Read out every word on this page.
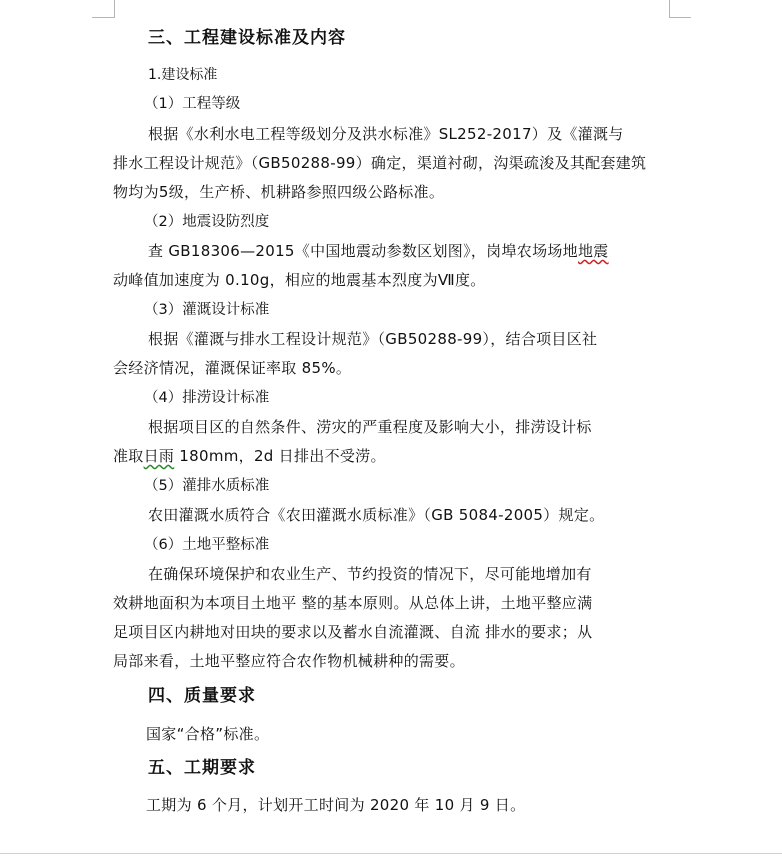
三、工程建设标准及内容
1.建设标准
（1）工程等级
根据《水利水电工程等级划分及洪水标准》SL252-2017）及《灌溉与
排水工程设计规范》（GB50288-99）确定，渠道衬砌，沟渠疏浚及其配套建筑
物均为5级，生产桥、机耕路参照四级公路标准。
（2）地震设防烈度
查 GB18306—2015《中国地震动参数区划图》，岗埠农场场地地震
动峰值加速度为 0.10g，相应的地震基本烈度为Ⅶ度。
（3）灌溉设计标准
根据《灌溉与排水工程设计规范》（GB50288-99），结合项目区社
会经济情况，灌溉保证率取 85%。
（4）排涝设计标准
根据项目区的自然条件、涝灾的严重程度及影响大小，排涝设计标
准取日雨 180mm，2d 日排出不受涝。
（5）灌排水质标准
农田灌溉水质符合《农田灌溉水质标准》（GB 5084-2005）规定。
（6）土地平整标准
在确保环境保护和农业生产、节约投资的情况下，尽可能地增加有
效耕地面积为本项目土地平 整的基本原则。从总体上讲，土地平整应满
足项目区内耕地对田块的要求以及蓄水自流灌溉、自流 排水的要求；从
局部来看，土地平整应符合农作物机械耕种的需要。
四、质量要求
国家“合格”标准。
五、工期要求
工期为 6 个月，计划开工时间为 2020 年 10 月 9 日。
